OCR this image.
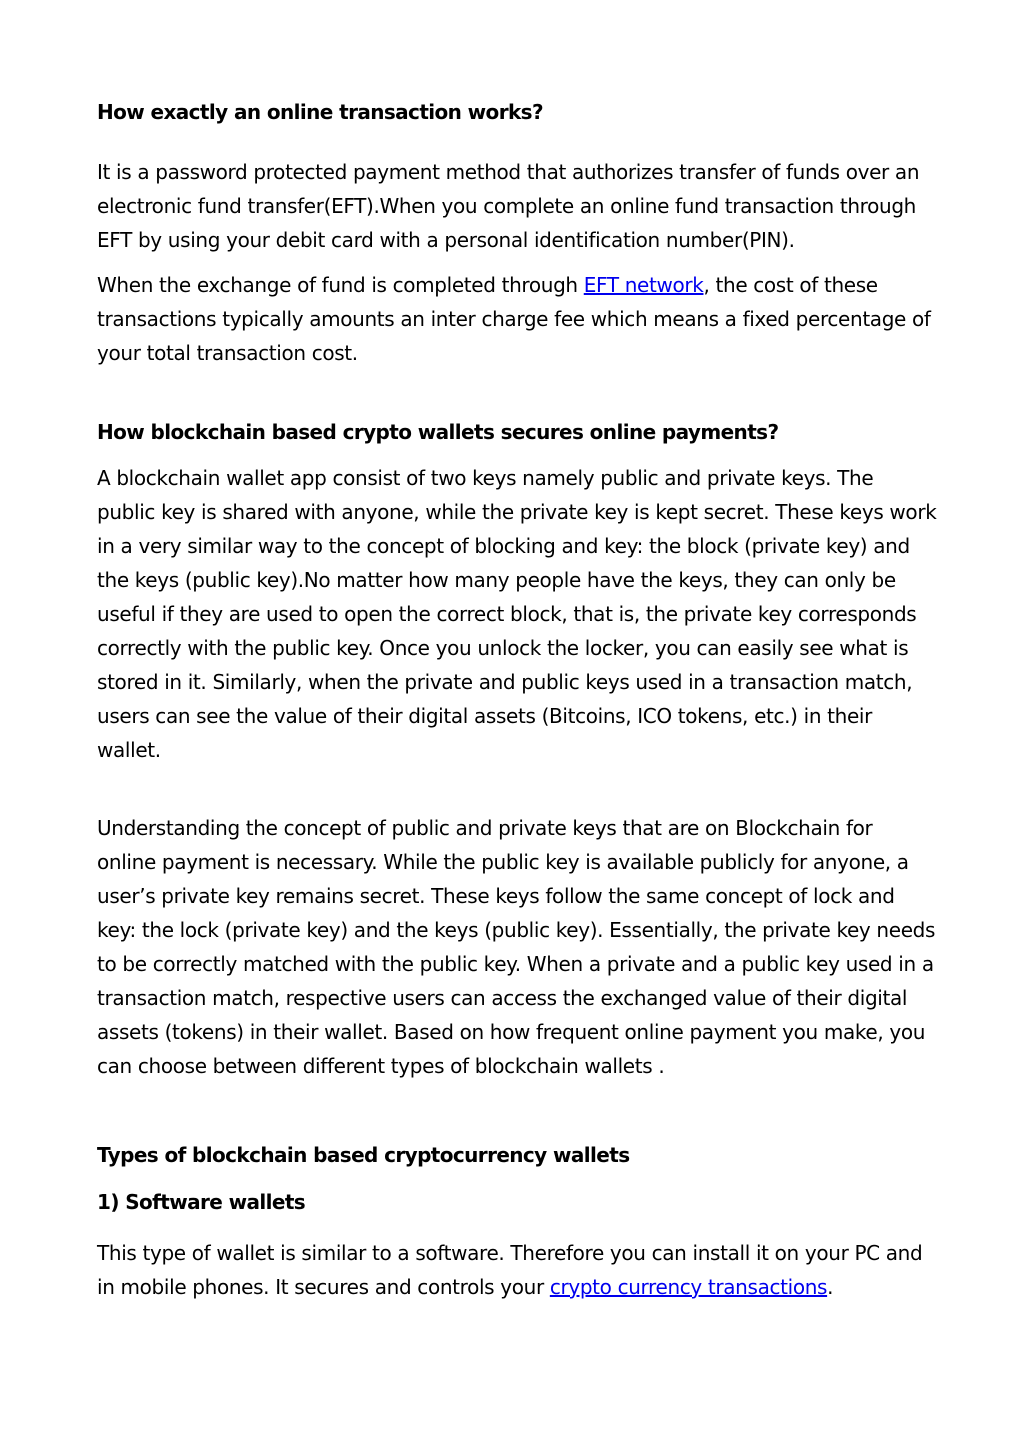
How exactly an online transaction works?

It is a password protected payment method that authorizes transfer of funds over an electronic fund transfer(EFT).When you complete an online fund transaction through EFT by using your debit card with a personal identification number(PIN).

When the exchange of fund is completed through EFT network, the cost of these transactions typically amounts an inter charge fee which means a fixed percentage of your total transaction cost.

How blockchain based crypto wallets secures online payments?

A blockchain wallet app consist of two keys namely public and private keys. The public key is shared with anyone, while the private key is kept secret. These keys work in a very similar way to the concept of blocking and key: the block (private key) and the keys (public key).No matter how many people have the keys, they can only be useful if they are used to open the correct block, that is, the private key corresponds correctly with the public key. Once you unlock the locker, you can easily see what is stored in it. Similarly, when the private and public keys used in a transaction match, users can see the value of their digital assets (Bitcoins, ICO tokens, etc.) in their wallet.

Understanding the concept of public and private keys that are on Blockchain for online payment is necessary. While the public key is available publicly for anyone, a user’s private key remains secret. These keys follow the same concept of lock and key: the lock (private key) and the keys (public key). Essentially, the private key needs to be correctly matched with the public key. When a private and a public key used in a transaction match, respective users can access the exchanged value of their digital assets (tokens) in their wallet. Based on how frequent online payment you make, you can choose between different types of blockchain wallets .

Types of blockchain based cryptocurrency wallets
1) Software wallets

This type of wallet is similar to a software. Therefore you can install it on your PC and in mobile phones. It secures and controls your crypto currency transactions.
